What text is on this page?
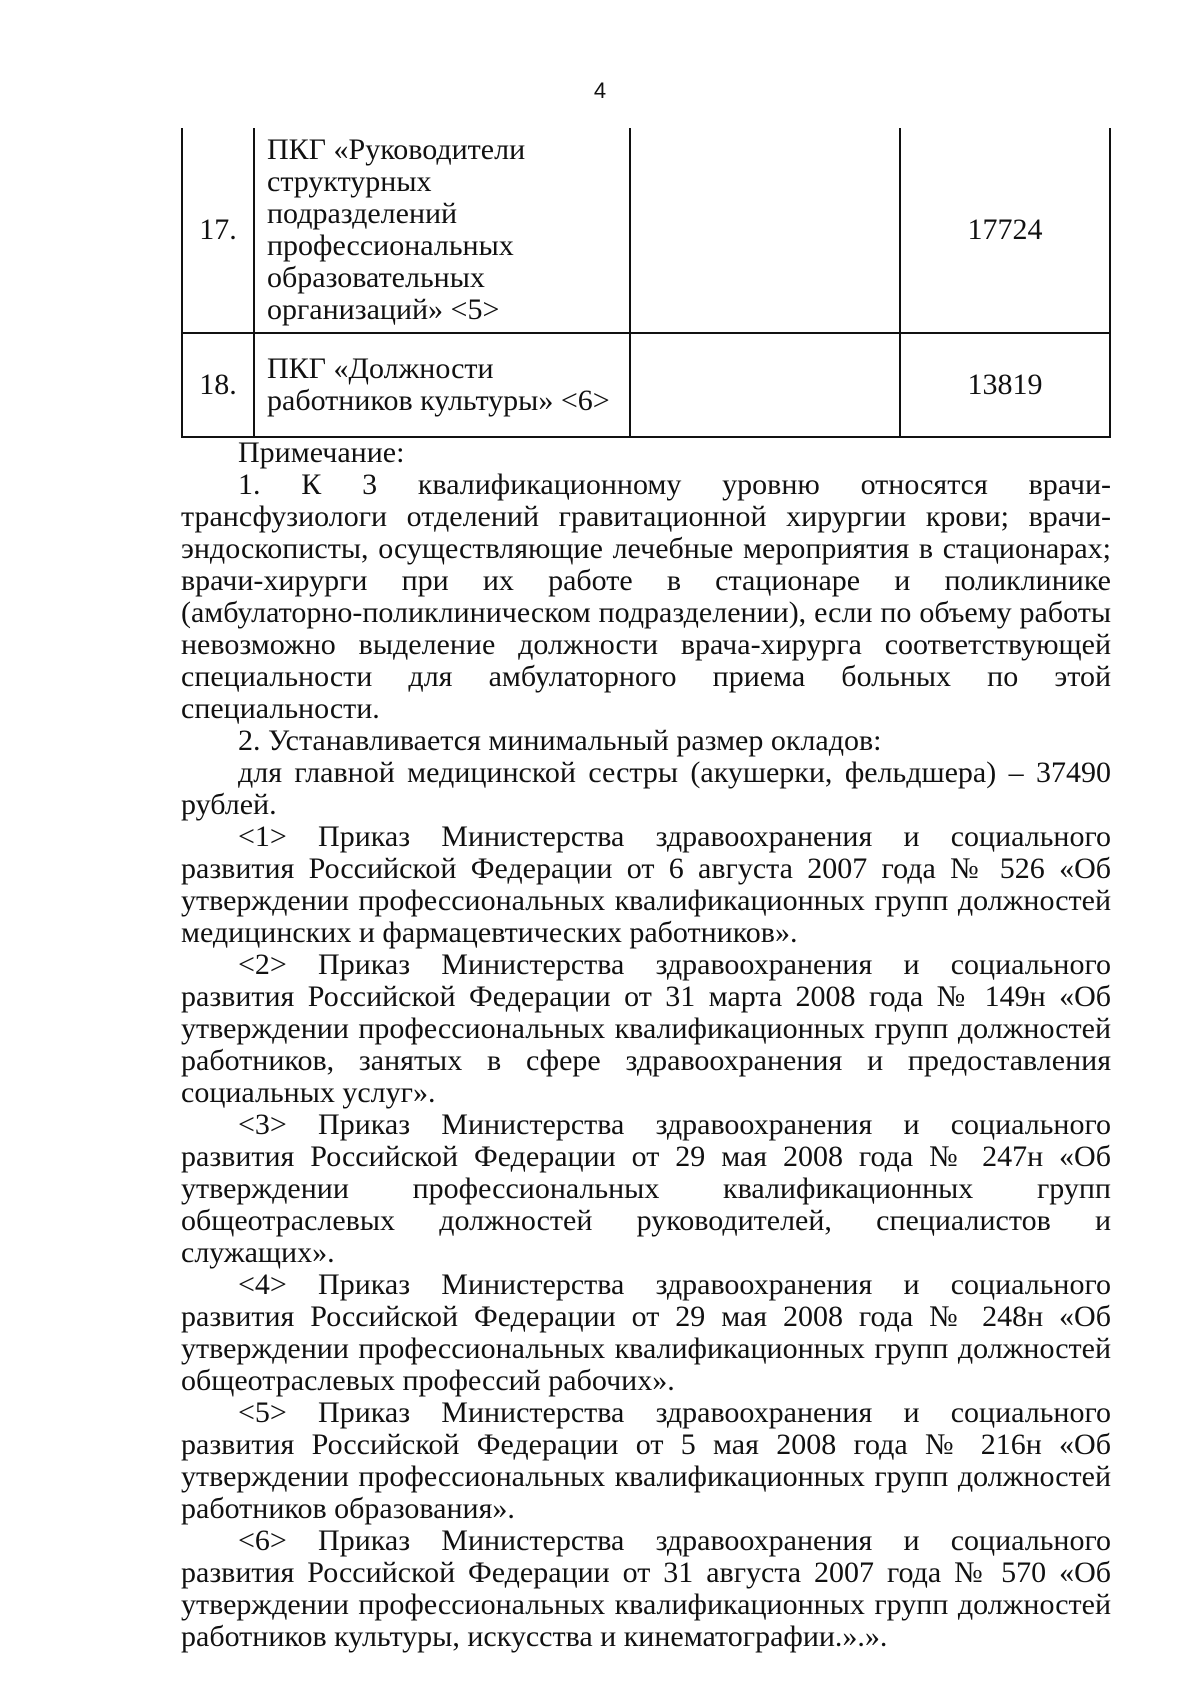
4
17.	ПКГ «Руководители структурных подразделений профессиональных образовательных организаций» <5>		17724
18.	ПКГ «Должности работников культуры» <6>		13819

Примечание:

1. К 3 квалификационному уровню относятся врачи-трансфузиологи отделений гравитационной хирургии крови; врачи-эндоскописты, осуществляющие лечебные мероприятия в стационарах; врачи-хирурги при их работе в стационаре и поликлинике (амбулаторно-поликлиническом подразделении), если по объему работы невозможно выделение должности врача-хирурга соответствующей специальности для амбулаторного приема больных по этой специальности.

2. Устанавливается минимальный размер окладов:

для главной медицинской сестры (акушерки, фельдшера) – 37490 рублей.

<1> Приказ Министерства здравоохранения и социального развития Российской Федерации от 6 августа 2007 года № 526 «Об утверждении профессиональных квалификационных групп должностей медицинских и фармацевтических работников».

<2> Приказ Министерства здравоохранения и социального развития Российской Федерации от 31 марта 2008 года № 149н «Об утверждении профессиональных квалификационных групп должностей работников, занятых в сфере здравоохранения и предоставления социальных услуг».

<3> Приказ Министерства здравоохранения и социального развития Российской Федерации от 29 мая 2008 года № 247н «Об утверждении профессиональных квалификационных групп общеотраслевых должностей руководителей, специалистов и служащих».

<4> Приказ Министерства здравоохранения и социального развития Российской Федерации от 29 мая 2008 года № 248н «Об утверждении профессиональных квалификационных групп должностей общеотраслевых профессий рабочих».

<5> Приказ Министерства здравоохранения и социального развития Российской Федерации от 5 мая 2008 года № 216н «Об утверждении профессиональных квалификационных групп должностей работников образования».

<6> Приказ Министерства здравоохранения и социального развития Российской Федерации от 31 августа 2007 года № 570 «Об утверждении профессиональных квалификационных групп должностей работников культуры, искусства и кинематографии.».».
